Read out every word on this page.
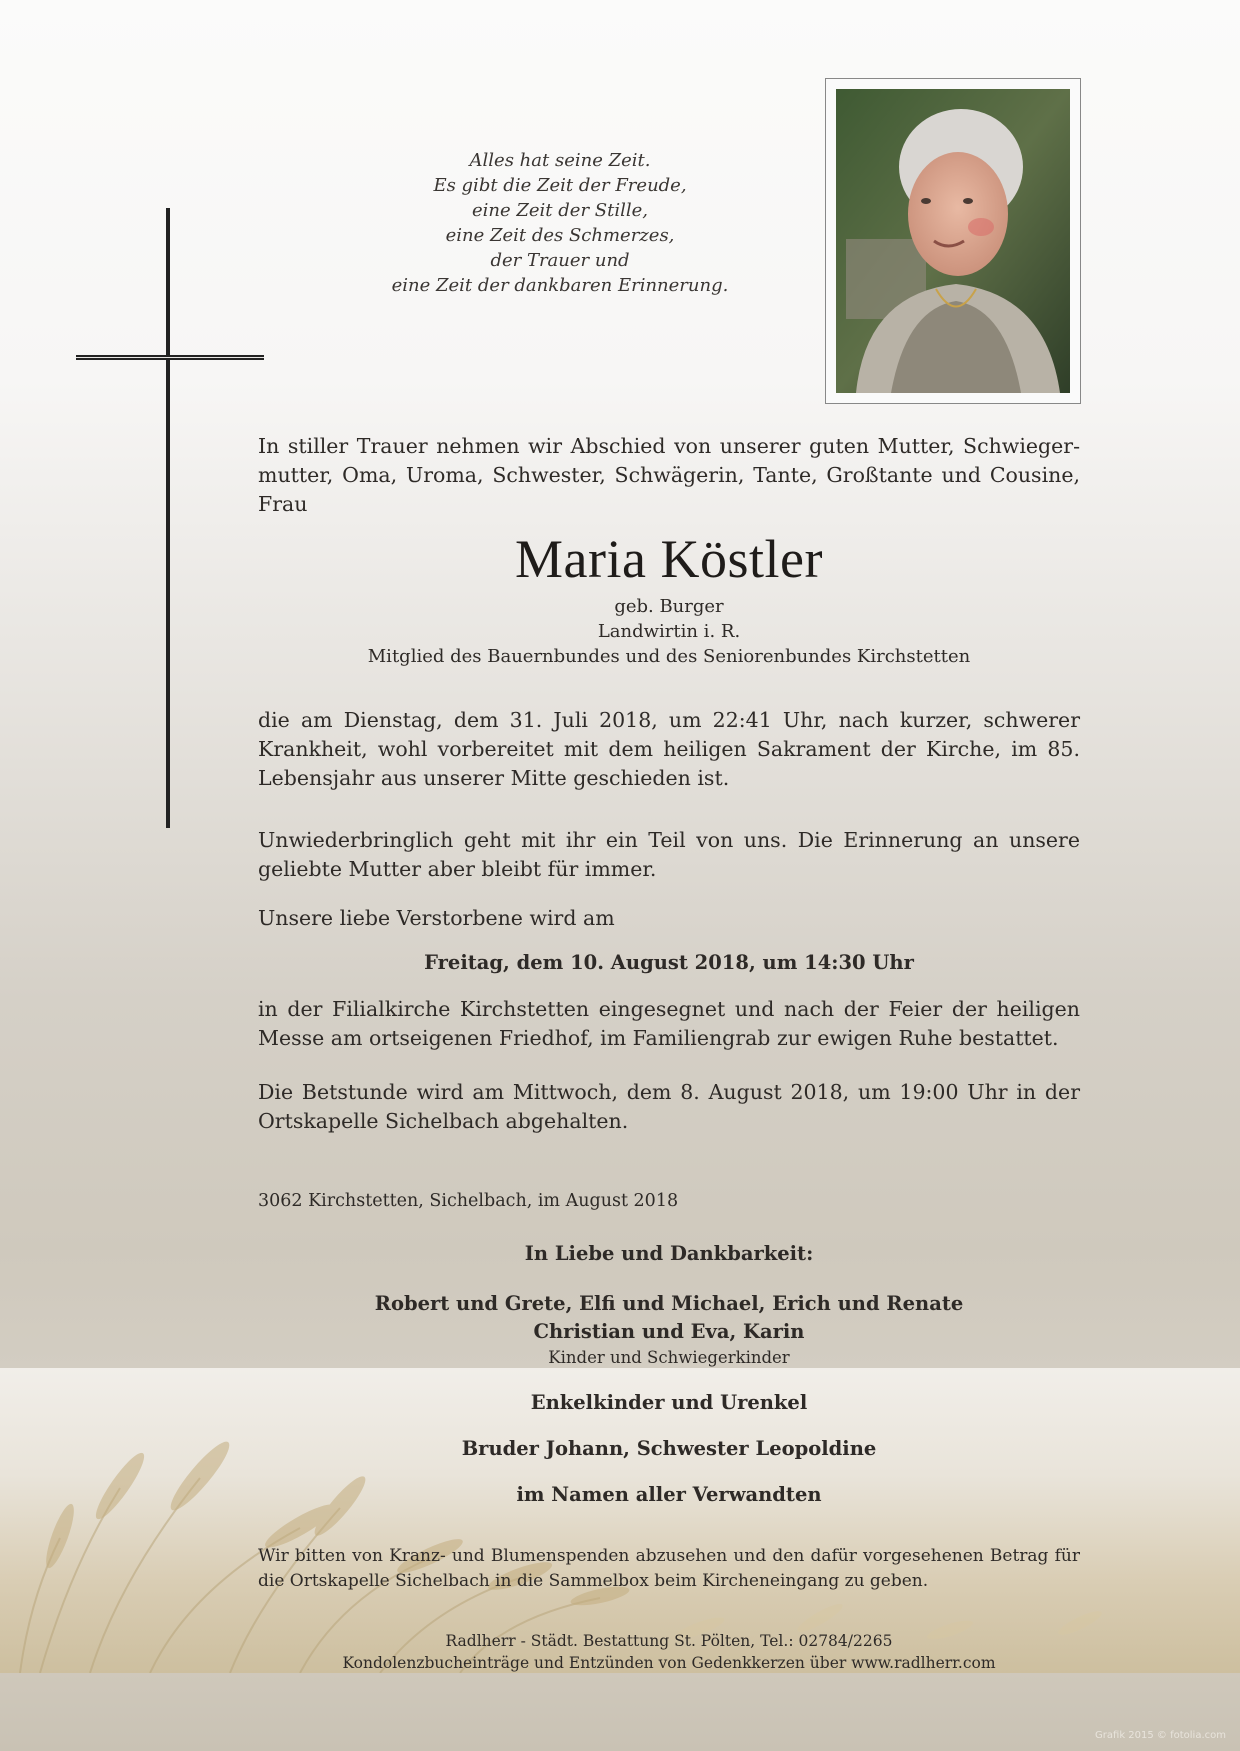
Grafik 2015 © fotolia.com
Alles hat seine Zeit.
Es gibt die Zeit der Freude,
eine Zeit der Stille,
eine Zeit des Schmerzes,
der Trauer und
eine Zeit der dankbaren Erinnerung.
In stiller Trauer nehmen wir Abschied von unserer guten Mutter, Schwieger-mutter, Oma, Uroma, Schwester, Schwägerin, Tante, Großtante und Cousine, Frau
Maria Köstler
geb. Burger
Landwirtin i. R.
Mitglied des Bauernbundes und des Seniorenbundes Kirchstetten
die am Dienstag, dem 31. Juli 2018, um 22:41 Uhr, nach kurzer, schwerer Krankheit, wohl vorbereitet mit dem heiligen Sakrament der Kirche, im 85. Lebensjahr aus unserer Mitte geschieden ist.
Unwiederbringlich geht mit ihr ein Teil von uns. Die Erinnerung an unsere geliebte Mutter aber bleibt für immer.
Unsere liebe Verstorbene wird am
Freitag, dem 10. August 2018, um 14:30 Uhr
in der Filialkirche Kirchstetten eingesegnet und nach der Feier der heiligen Messe am ortseigenen Friedhof, im Familiengrab zur ewigen Ruhe bestattet.
Die Betstunde wird am Mittwoch, dem 8. August 2018, um 19:00 Uhr in der Ortskapelle Sichelbach abgehalten.
3062 Kirchstetten, Sichelbach, im August 2018
In Liebe und Dankbarkeit:
Robert und Grete, Elfi und Michael, Erich und Renate
Christian und Eva, Karin
Kinder und Schwiegerkinder
Enkelkinder und Urenkel
Bruder Johann, Schwester Leopoldine
im Namen aller Verwandten
Wir bitten von Kranz- und Blumenspenden abzusehen und den dafür vorgesehenen Betrag für die Ortskapelle Sichelbach in die Sammelbox beim Kircheneingang zu geben.
Radlherr - Städt. Bestattung St. Pölten, Tel.: 02784/2265
Kondolenzbucheinträge und Entzünden von Gedenkkerzen über www.radlherr.com
